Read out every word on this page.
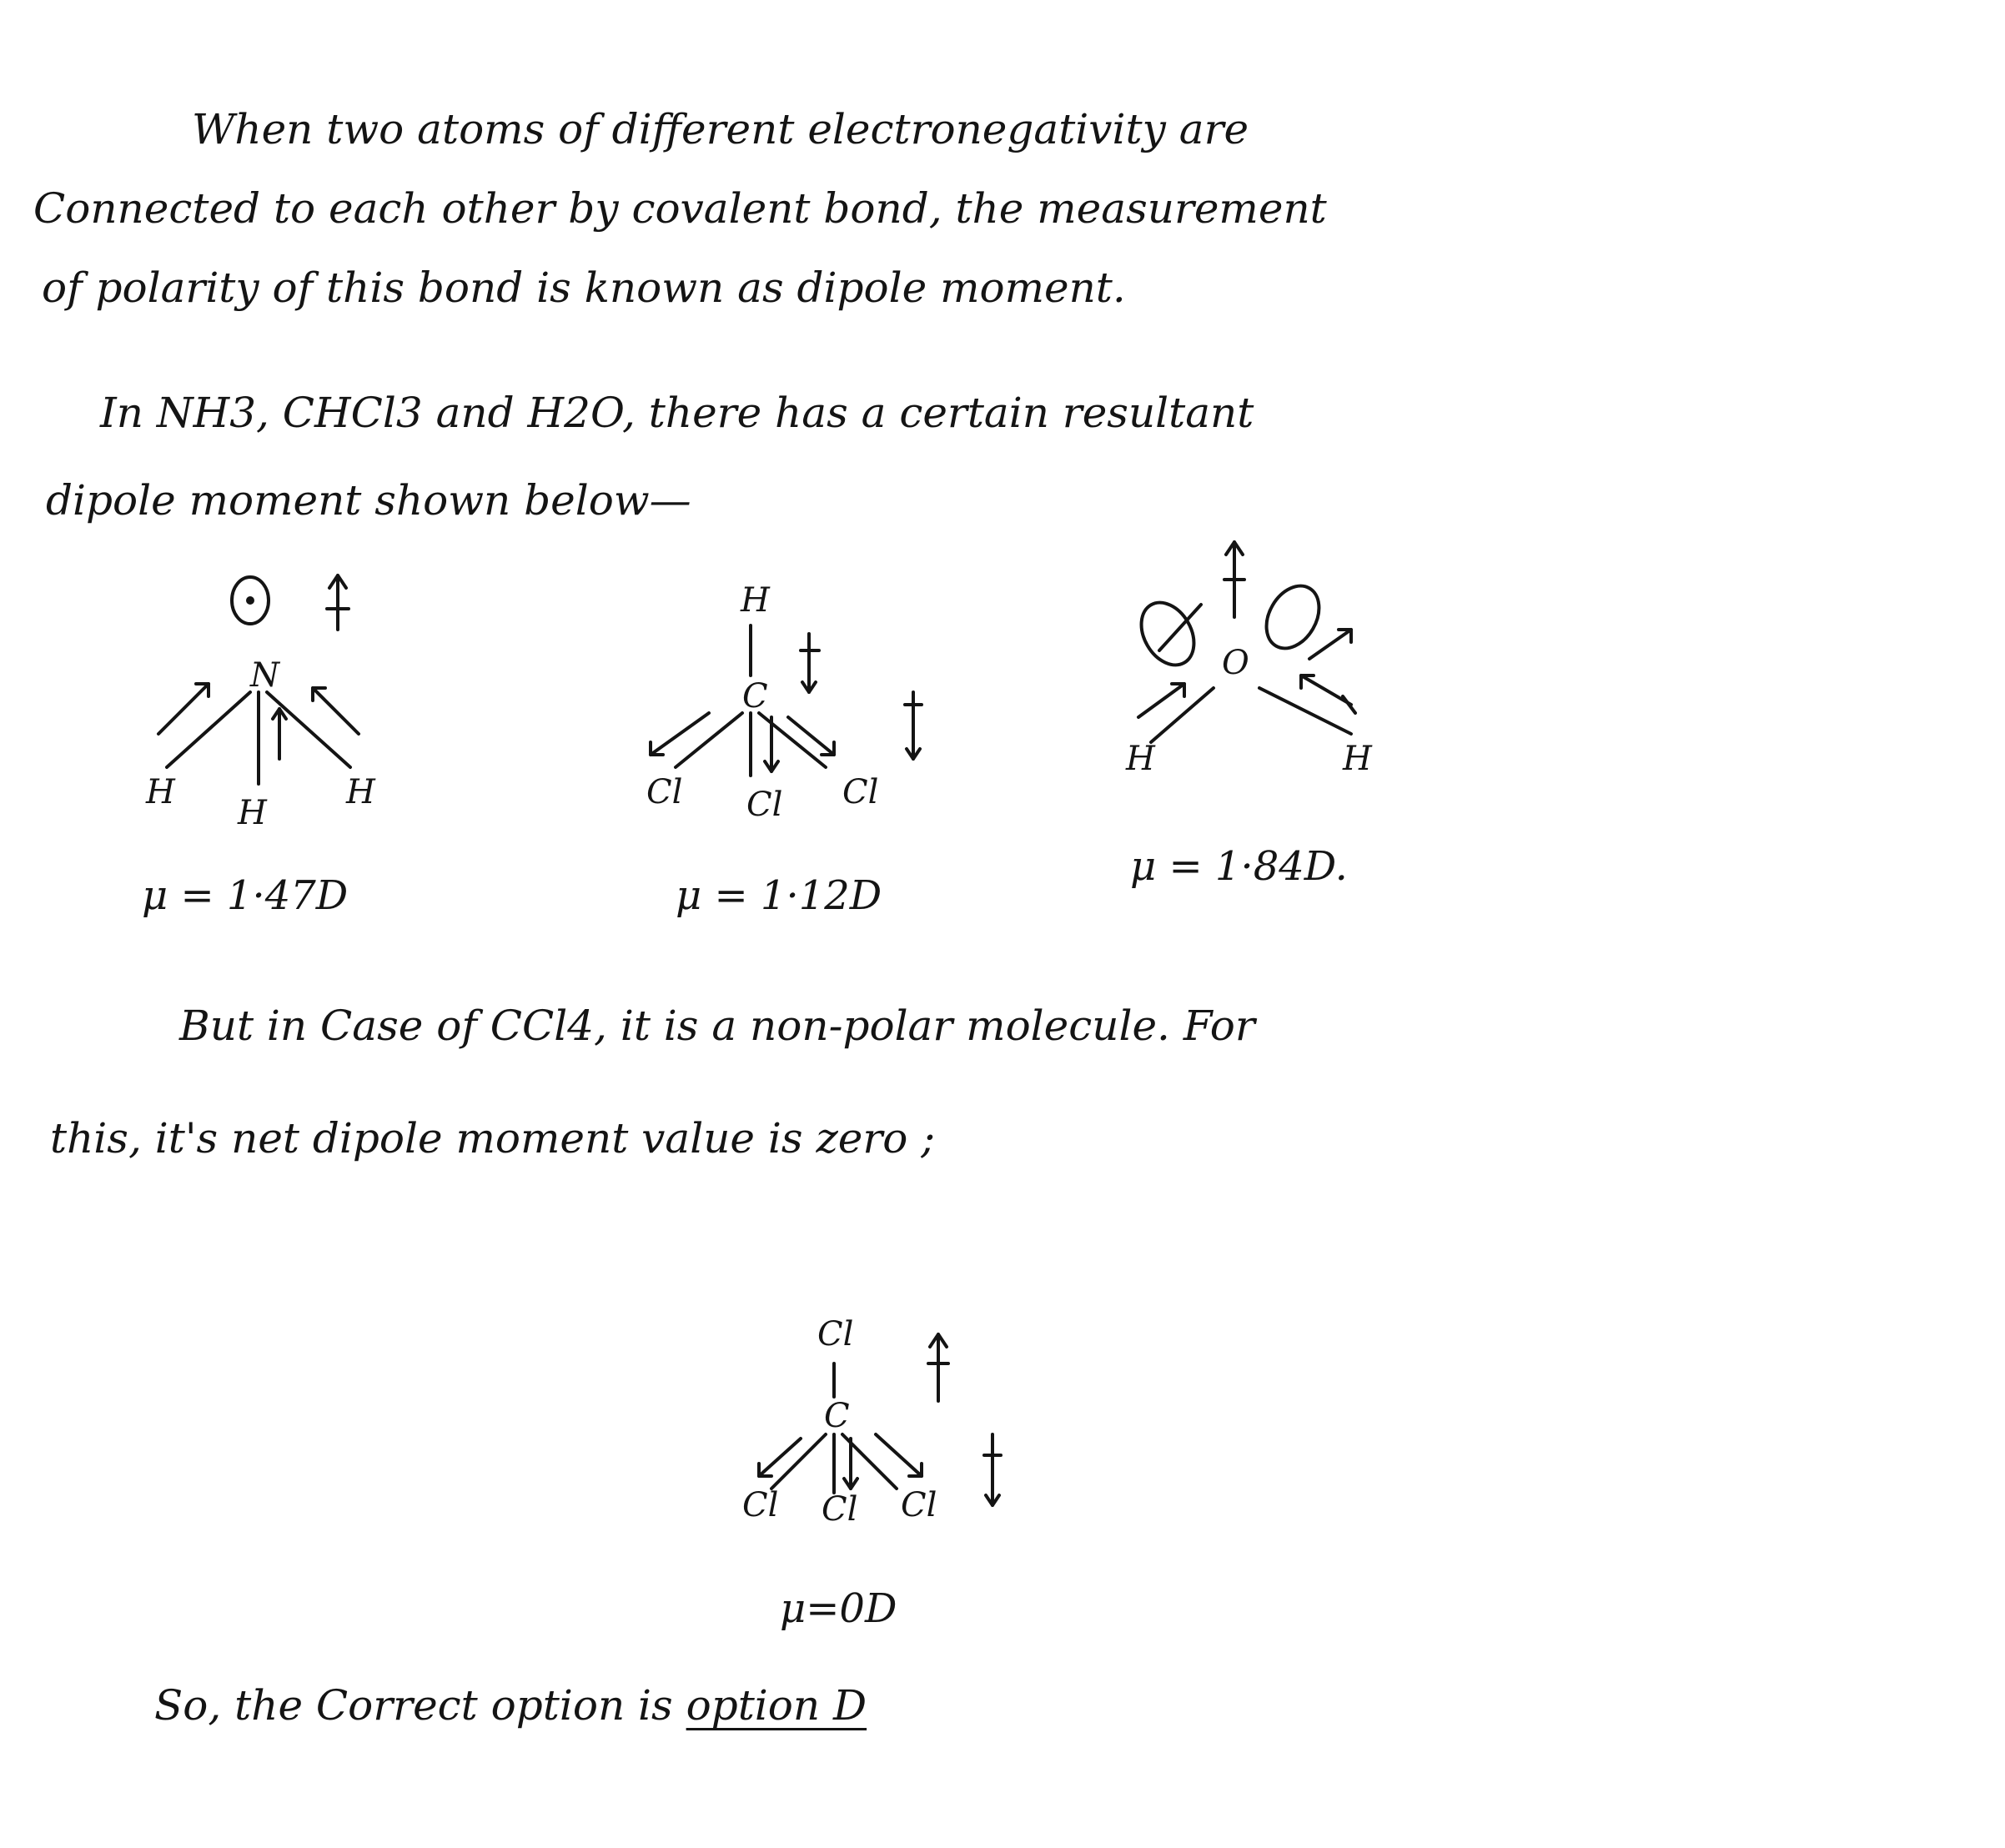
When two atoms of different electronegativity are
Connected to each other by covalent bond, the measurement
of polarity of this bond is known as dipole moment.
In NH3, CHCl3 and H2O, there has a certain resultant
dipole moment shown below—
N
H
H
H
μ = 1·47D
H
C
Cl Cl Cl
μ = 1·12D
O
H	H
μ = 1·84D.
But in Case of CCl4, it is a non-polar molecule. For
this, it's net dipole moment value is zero ;
Cl
C
Cl Cl Cl
μ=0D
So, the Correct option is option D
